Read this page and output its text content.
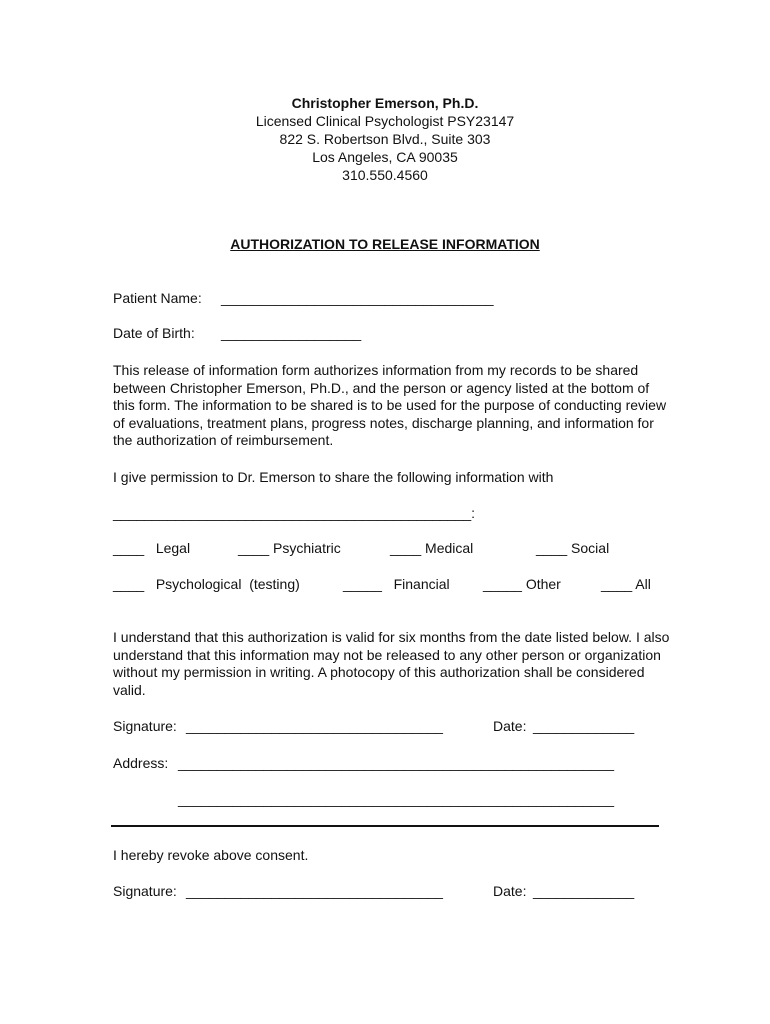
Christopher Emerson, Ph.D.
Licensed Clinical Psychologist PSY23147
822 S. Robertson Blvd., Suite 303
Los Angeles, CA 90035
310.550.4560
AUTHORIZATION TO RELEASE INFORMATION
Patient Name: ___________________________________
Date of Birth: __________________
This release of information form authorizes information from my records to be shared between Christopher Emerson, Ph.D., and the person or agency listed at the bottom of this form. The information to be shared is to be used for the purpose of conducting review of evaluations, treatment plans, progress notes, discharge planning, and information for the authorization of reimbursement.
I give permission to Dr. Emerson to share the following information with
______________________________________________:
____ Legal	____ Psychiatric	____ Medical	____ Social
____ Psychological  (testing)	_____ Financial _____ Other	____ All
I understand that this authorization is valid for six months from the date listed below. I also understand that this information may not be released to any other person or organization without my permission in writing. A photocopy of this authorization shall be considered valid.
Signature: _________________________________	Date: _____________
Address: ________________________________________________________
________________________________________________________
I hereby revoke above consent.
Signature: _________________________________	Date: _____________
